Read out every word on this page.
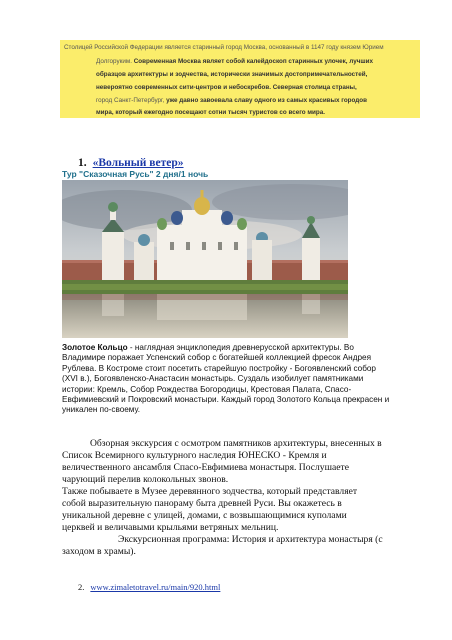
Столицей Российской Федерации является старинный город Москва, основанный в 1147 году князем Юрием
Долгоруким. Современная Москва являет собой калейдоскоп старинных улочек, лучших
образцов архитектуры и зодчества, исторически значимых достопримечательностей,
невероятно современных сити-центров и небоскребов. Северная столица страны,
город Санкт-Петербург, уже давно завоевала славу одного из самых красивых городов
мира, который ежегодно посещают сотни тысяч туристов со всего мира.
1. «Вольный ветер»
Тур "Сказочная Русь" 2 дня/1 ночь
Золотое Кольцо - наглядная энциклопедия древнерусской архитектуры. Во
Владимире поражает Успенский собор с богатейшей коллекцией фресок Андрея
Рублева. В Костроме стоит посетить старейшую постройку - Богоявленский собор
(XVI в.), Богоявленско-Анастасин монастырь. Суздаль изобилует памятниками
истории: Кремль, Собор Рождества Богородицы, Крестовая Палата, Спасо-
Евфимиевский и Покровский монастыри. Каждый город Золотого Кольца прекрасен и
уникален по-своему.
Обзорная экскурсия с осмотром памятников архитектуры, внесенных в
Список Всемирного культурного наследия ЮНЕСКО - Кремля и
величественного ансамбля Спасо-Евфимиева монастыря. Послушаете
чарующий перелив колокольных звонов.
Также побываете в Музее деревянного зодчества, который представляет
собой выразительную панораму быта древней Руси. Вы окажетесь в
уникальной деревне с улицей, домами, с возвышающимися куполами
церквей и величавыми крыльями ветряных мельниц.
Экскурсионная программа: История и архитектура монастыря (с
заходом в храмы).
2. www.zimaletotravel.ru/main/920.html
